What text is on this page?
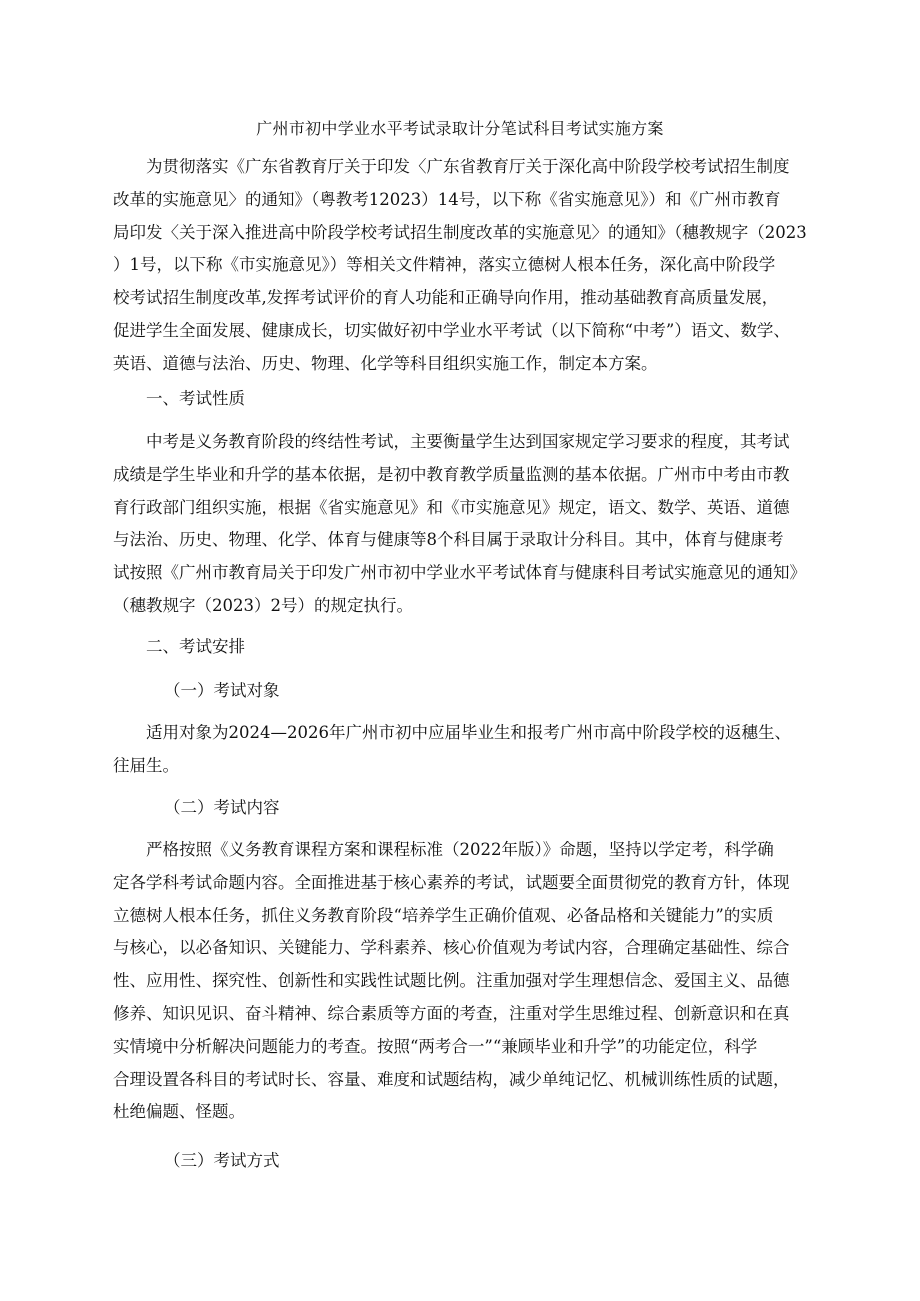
广州市初中学业水平考试录取计分笔试科目考试实施方案
为贯彻落实《广东省教育厅关于印发〈广东省教育厅关于深化高中阶段学校考试招生制度
改革的实施意见〉的通知》（粤教考12023）14号，以下称《省实施意见》）和《广州市教育
局印发〈关于深入推进高中阶段学校考试招生制度改革的实施意见〉的通知》（穗教规字（2023
）1号，以下称《市实施意见》）等相关文件精神，落实立德树人根本任务，深化高中阶段学
校考试招生制度改革,发挥考试评价的育人功能和正确导向作用，推动基础教育高质量发展，
促进学生全面发展、健康成长，切实做好初中学业水平考试（以下简称“中考”）语文、数学、
英语、道德与法治、历史、物理、化学等科目组织实施工作，制定本方案。
一、考试性质
中考是义务教育阶段的终结性考试，主要衡量学生达到国家规定学习要求的程度，其考试
成绩是学生毕业和升学的基本依据，是初中教育教学质量监测的基本依据。广州市中考由市教
育行政部门组织实施，根据《省实施意见》和《市实施意见》规定，语文、数学、英语、道德
与法治、历史、物理、化学、体育与健康等8个科目属于录取计分科目。其中，体育与健康考
试按照《广州市教育局关于印发广州市初中学业水平考试体育与健康科目考试实施意见的通知》
（穗教规字（2023）2号）的规定执行。
二、考试安排
（一）考试对象
适用对象为2024—2026年广州市初中应届毕业生和报考广州市高中阶段学校的返穗生、
往届生。
（二）考试内容
严格按照《义务教育课程方案和课程标准（2022年版）》命题，坚持以学定考，科学确
定各学科考试命题内容。全面推进基于核心素养的考试，试题要全面贯彻党的教育方针，体现
立德树人根本任务，抓住义务教育阶段“培养学生正确价值观、必备品格和关键能力”的实质
与核心，以必备知识、关键能力、学科素养、核心价值观为考试内容，合理确定基础性、综合
性、应用性、探究性、创新性和实践性试题比例。注重加强对学生理想信念、爱国主义、品德
修养、知识见识、奋斗精神、综合素质等方面的考查，注重对学生思维过程、创新意识和在真
实情境中分析解决问题能力的考查。按照“两考合一”“兼顾毕业和升学”的功能定位，科学
合理设置各科目的考试时长、容量、难度和试题结构，减少单纯记忆、机械训练性质的试题，
杜绝偏题、怪题。
（三）考试方式
